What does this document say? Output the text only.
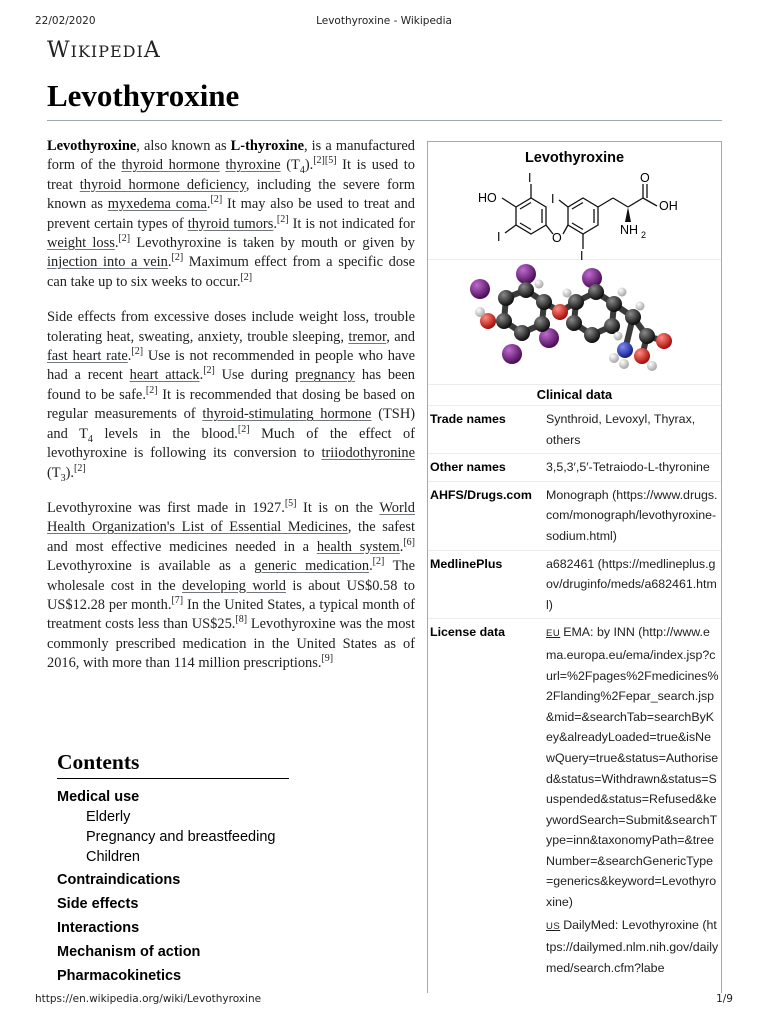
22/02/2020	Levothyroxine - Wikipedia
WIKIPEDIA
Levothyroxine

Levothyroxine, also known as L-thyroxine, is a manufactured form of the thyroid hormone thyroxine $(T_4).[2][5]$ It is used to treat thyroid hormone deficiency, including the severe form known as myxedema coma.[2] It may also be used to treat and prevent certain types of thyroid tumors.[2] It is not indicated for weight loss.[2] Levothyroxine is taken by mouth or given by injection into a vein.[2] Maximum effect from a specific dose can take up to six weeks to occur.[2]

Side effects from excessive doses include weight loss, trouble tolerating heat, sweating, anxiety, trouble sleeping, tremor, and fast heart rate.[2] Use is not recommended in people who have had a recent heart attack.[2] Use during pregnancy has been found to be safe.[2] It is recommended that dosing be based on regular measurements of thyroid-stimulating hormone (TSH) and $T_4$ levels in the blood.[2] Much of the effect of levothyroxine is following its conversion to triiodothyronine $(T_3).[2]$

Levothyroxine was first made in 1927.[5] It is on the World Health Organization's List of Essential Medicines, the safest and most effective medicines needed in a health system.[6] Levothyroxine is available as a generic medication.[2] The wholesale cost in the developing world is about US$0.58 to US$12.28 per month.[7] In the United States, a typical month of treatment costs less than US$25.[8] Levothyroxine was the most commonly prescribed medication in the United States as of 2016, with more than 114 million prescriptions.[9]

Contents
Medical use
Elderly
Pregnancy and breastfeeding
Children
Contraindications
Side effects
Interactions
Mechanism of action
Pharmacokinetics
Levothyroxine
HO
I
I	O
I
I
O
OH
NH 2
Clinical data
Trade names	Synthroid, Levoxyl, Thyrax, others
Other names	3,5,3′,5′-Tetraiodo-L-thyronine
AHFS/Drugs.com	Monograph (https://www.drugs.com/monograph/levothyroxine-sodium.html)
MedlinePlus	a682461 (https://medlineplus.gov/druginfo/meds/a682461.html)
License data	EU EMA: by INN (http://www.ema.europa.eu/ema/index.jsp?curl=%2Fpages%2Fmedicines%2Flanding%2Fepar_search.jsp&mid=&searchTab=searchByKey&alreadyLoaded=true&isNewQuery=true&status=Authorised&status=Withdrawn&status=Suspended&status=Refused&keywordSearch=Submit&searchType=inn&taxonomyPath=&treeNumber=&searchGenericType=generics&keyword=Levothyroxine)
US DailyMed: Levothyroxine (https://dailymed.nlm.nih.gov/dailymed/search.cfm?labe
https://en.wikipedia.org/wiki/Levothyroxine	1/9
